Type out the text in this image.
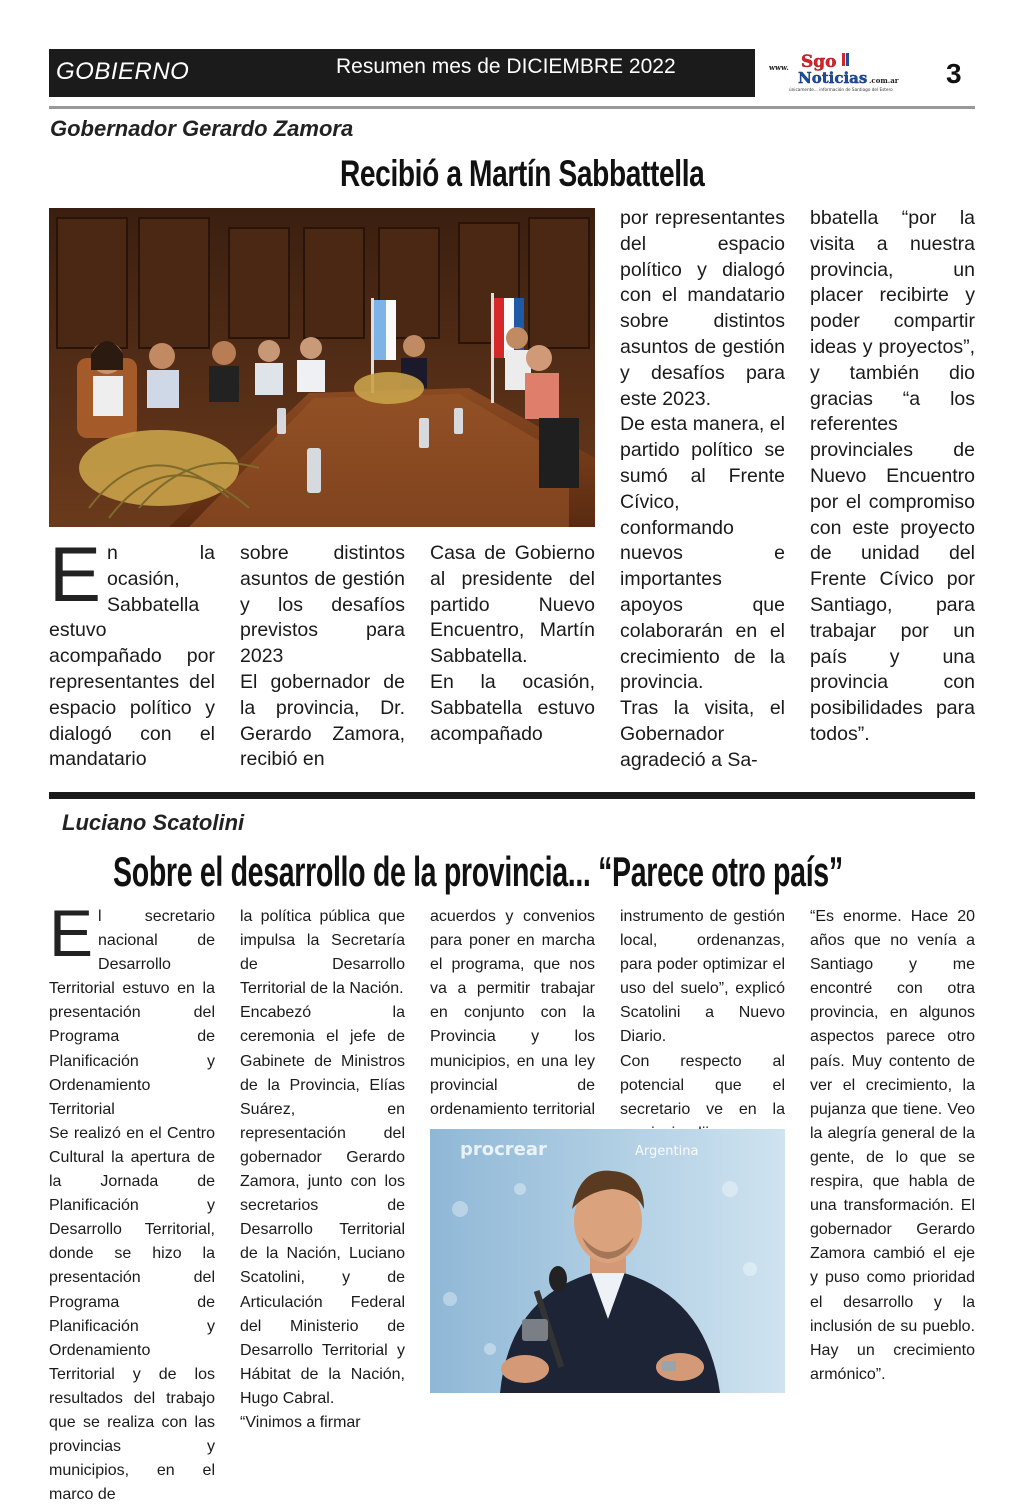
GOBIERNO	Resumen mes de DICIEMBRE 2022	www. Sgo
Noticias .com.ar
únicamente... información de Santiago del Estero
3
Gobernador Gerardo Zamora
Recibió a Martín Sabbattella
E n la ocasión, Sabbatella estuvo acompañado por representantes del espacio político y dialogó con el mandatario

sobre distintos asuntos de gestión y los desafíos previstos para 2023

El gobernador de la provincia, Dr. Gerardo Zamora, recibió en

Casa de Gobierno al presidente del partido Nuevo Encuentro, Martín Sabbatella.

En la ocasión, Sabbatella estuvo acompañado

por representantes del espacio político y dialogó con el mandatario sobre distintos asuntos de gestión y desafíos para este 2023.

De esta manera, el partido político se sumó al Frente Cívico, conformando nuevos e importantes apoyos que colaborarán en el crecimiento de la provincia.

Tras la visita, el Gobernador agradeció a Sa-

bbatella “por la visita a nuestra provincia, un placer recibirte y poder compartir ideas y proyectos”, y también dio gracias “a los referentes provinciales de Nuevo Encuentro por el compromiso con este proyecto de unidad del Frente Cívico por Santiago, para trabajar por un país y una provincia con posibilidades para todos”.

Luciano Scatolini
Sobre el desarrollo de la provincia... “Parece otro país”
E l secretario nacional de Desarrollo Territorial estuvo en la presentación del Programa de Planificación y Ordenamiento Territorial

Se realizó en el Centro Cultural la apertura de la Jornada de Planificación y Desarrollo Territorial, donde se hizo la presentación del Programa de Planificación y Ordenamiento Territorial y de los resultados del trabajo que se realiza con las provincias y municipios, en el marco de

la política pública que impulsa la Secretaría de Desarrollo Territorial de la Nación.

Encabezó la ceremonia el jefe de Gabinete de Ministros de la Provincia, Elías Suárez, en representación del gobernador Gerardo Zamora, junto con los secretarios de Desarrollo Territorial de la Nación, Luciano Scatolini, y de Articulación Federal del Ministerio de Desarrollo Territorial y Hábitat de la Nación, Hugo Cabral.

“Vinimos a firmar

acuerdos y convenios para poner en marcha el programa, que nos va a permitir trabajar en conjunto con la Provincia y los municipios, en una ley provincial de ordenamiento territorial

instrumento de gestión local, ordenanzas, para poder optimizar el uso del suelo”, explicó Scatolini a Nuevo Diario.

Con respecto al potencial que el secretario ve en la

“Es enorme. Hace 20 años que no venía a Santiago y me encontré con otra provincia, en algunos aspectos parece otro país. Muy contento de ver el crecimiento, la pujanza que tiene. Veo la alegría general de la gente, de lo que se respira, que habla de una transformación. El gobernador Gerardo Zamora cambió el eje y puso como prioridad el desarrollo y la inclusión de su pueblo. Hay un crecimiento armónico”.

procrear	Argentina
